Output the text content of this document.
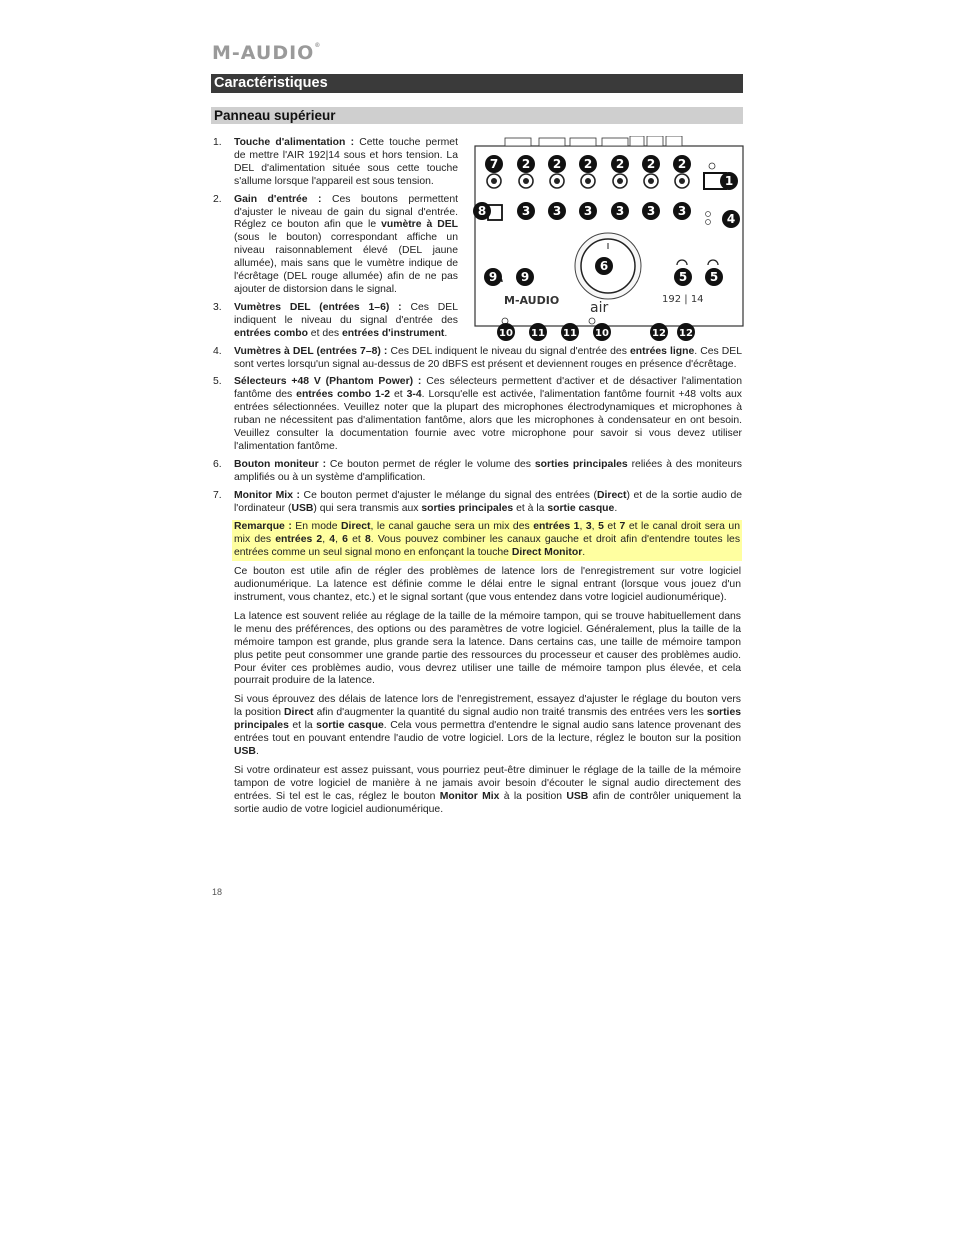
M-AUDIO®
Caractéristiques
Panneau supérieur
M-AUDIO air
192 | 14
7 2 2 2 2 2 2
1
8	3 3 3 3 3 3
4
6
9 9	5 5
10 11 11 10	12 12
1. Touche d'alimentation : Cette touche permet de mettre l'AIR 192|14 sous et hors tension. La DEL d'alimentation située sous cette touche s'allume lorsque l'appareil est sous tension.
2. Gain d'entrée : Ces boutons permettent d'ajuster le niveau de gain du signal d'entrée. Réglez ce bouton afin que le vumètre à DEL (sous le bouton) correspondant affiche un niveau raisonnablement élevé (DEL jaune allumée), mais sans que le vumètre indique de l'écrêtage (DEL rouge allumée) afin de ne pas ajouter de distorsion dans le signal.
3. Vumètres DEL (entrées 1–6) : Ces DEL indiquent le niveau du signal d'entrée des entrées combo et des entrées d'instrument.
4. Vumètres à DEL (entrées 7–8) : Ces DEL indiquent le niveau du signal d'entrée des entrées ligne. Ces DEL sont vertes lorsqu'un signal au-dessus de 20 dBFS est présent et deviennent rouges en présence d'écrêtage.
5. Sélecteurs +48 V (Phantom Power) : Ces sélecteurs permettent d'activer et de désactiver l'alimentation fantôme des entrées combo 1-2 et 3-4. Lorsqu'elle est activée, l'alimentation fantôme fournit +48 volts aux entrées sélectionnées. Veuillez noter que la plupart des microphones électrodynamiques et microphones à ruban ne nécessitent pas d'alimentation fantôme, alors que les microphones à condensateur en ont besoin. Veuillez consulter la documentation fournie avec votre microphone pour savoir si vous devez utiliser l'alimentation fantôme.
6. Bouton moniteur : Ce bouton permet de régler le volume des sorties principales reliées à des moniteurs amplifiés ou à un système d'amplification.
7. Monitor Mix : Ce bouton permet d'ajuster le mélange du signal des entrées (Direct) et de la sortie audio de l'ordinateur (USB) qui sera transmis aux sorties principales et à la sortie casque.
Remarque : En mode Direct, le canal gauche sera un mix des entrées 1, 3, 5 et 7 et le canal droit sera un mix des entrées 2, 4, 6 et 8. Vous pouvez combiner les canaux gauche et droit afin d'entendre toutes les entrées comme un seul signal mono en enfonçant la touche Direct Monitor.
Ce bouton est utile afin de régler des problèmes de latence lors de l'enregistrement sur votre logiciel audionumérique. La latence est définie comme le délai entre le signal entrant (lorsque vous jouez d'un instrument, vous chantez, etc.) et le signal sortant (que vous entendez dans votre logiciel audionumérique).
La latence est souvent reliée au réglage de la taille de la mémoire tampon, qui se trouve habituellement dans le menu des préférences, des options ou des paramètres de votre logiciel. Généralement, plus la taille de la mémoire tampon est grande, plus grande sera la latence. Dans certains cas, une taille de mémoire tampon plus petite peut consommer une grande partie des ressources du processeur et causer des problèmes audio. Pour éviter ces problèmes audio, vous devrez utiliser une taille de mémoire tampon plus élevée, et cela pourrait produire de la latence.
Si vous éprouvez des délais de latence lors de l'enregistrement, essayez d'ajuster le réglage du bouton vers la position Direct afin d'augmenter la quantité du signal audio non traité transmis des entrées vers les sorties principales et la sortie casque. Cela vous permettra d'entendre le signal audio sans latence provenant des entrées tout en pouvant entendre l'audio de votre logiciel. Lors de la lecture, réglez le bouton sur la position USB.
Si votre ordinateur est assez puissant, vous pourriez peut-être diminuer le réglage de la taille de la mémoire tampon de votre logiciel de manière à ne jamais avoir besoin d'écouter le signal audio directement des entrées. Si tel est le cas, réglez le bouton Monitor Mix à la position USB afin de contrôler uniquement la sortie audio de votre logiciel audionumérique.
18
